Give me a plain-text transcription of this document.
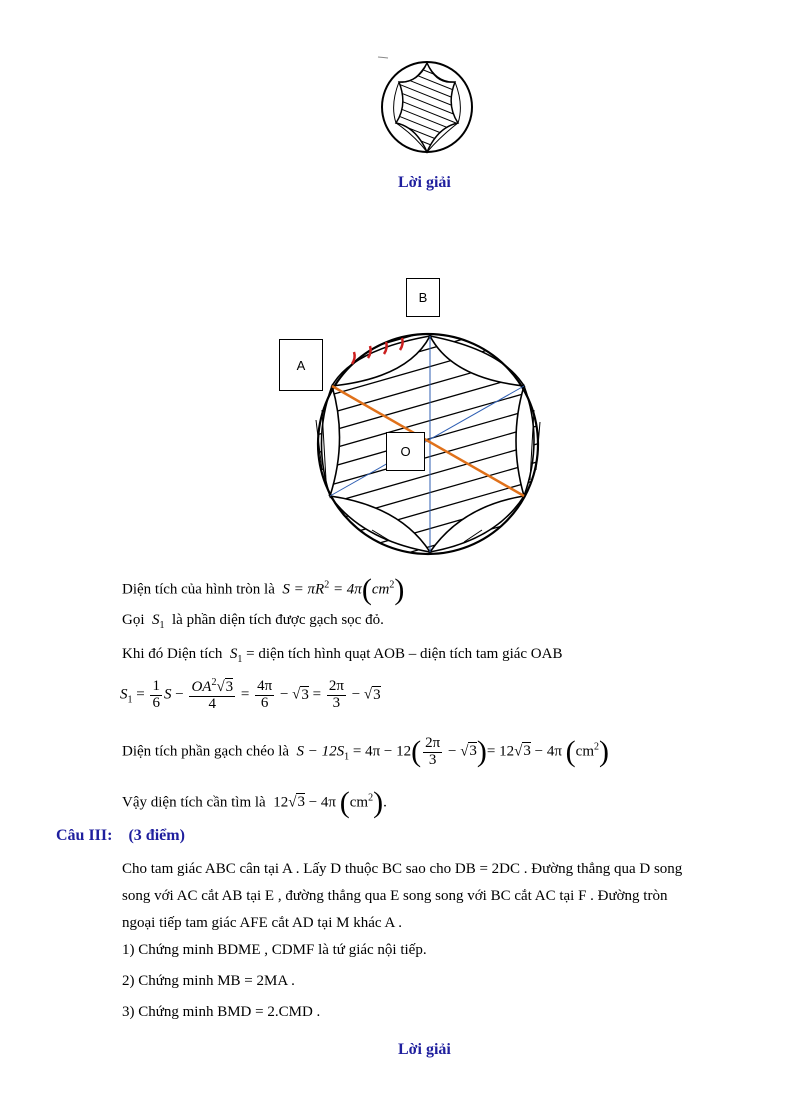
Lời giải
B
A
O
Diện tích của hình tròn là $S = \pi R^2 = 4\pi(cm^2)$
Gọi $S_1$ là phần diện tích được gạch sọc đỏ.
Khi đó Diện tích $S_1$ = diện tích hình quạt AOB – diện tích tam giác OAB
$S_1 = \frac{1}{6}$ $S - \frac{OA^2√3}{4} = \frac{4\pi}{6} - √3 = \frac{2\pi}{3} - √3$
Diện tích phần gạch chéo là $S - 12S_1 = 4\pi - 12( \frac{2\pi}{3} - √3)= 12√3 - 4\pi$ $(cm^2)$
Vậy diện tích cần tìm là 12√3 − 4π $(cm^2)$.
Câu III: (3 điểm)
Cho tam giác ABC cân tại A . Lấy D thuộc BC sao cho DB = 2DC . Đường thẳng qua D song
song với AC cắt AB tại E , đường thẳng qua E song song với BC cắt AC tại F . Đường tròn
ngoại tiếp tam giác AFE cắt AD tại M khác A .
1) Chứng minh BDME , CDMF là tứ giác nội tiếp.
2) Chứng minh MB = 2MA .
3) Chứng minh BMD = 2.CMD .
Lời giải
